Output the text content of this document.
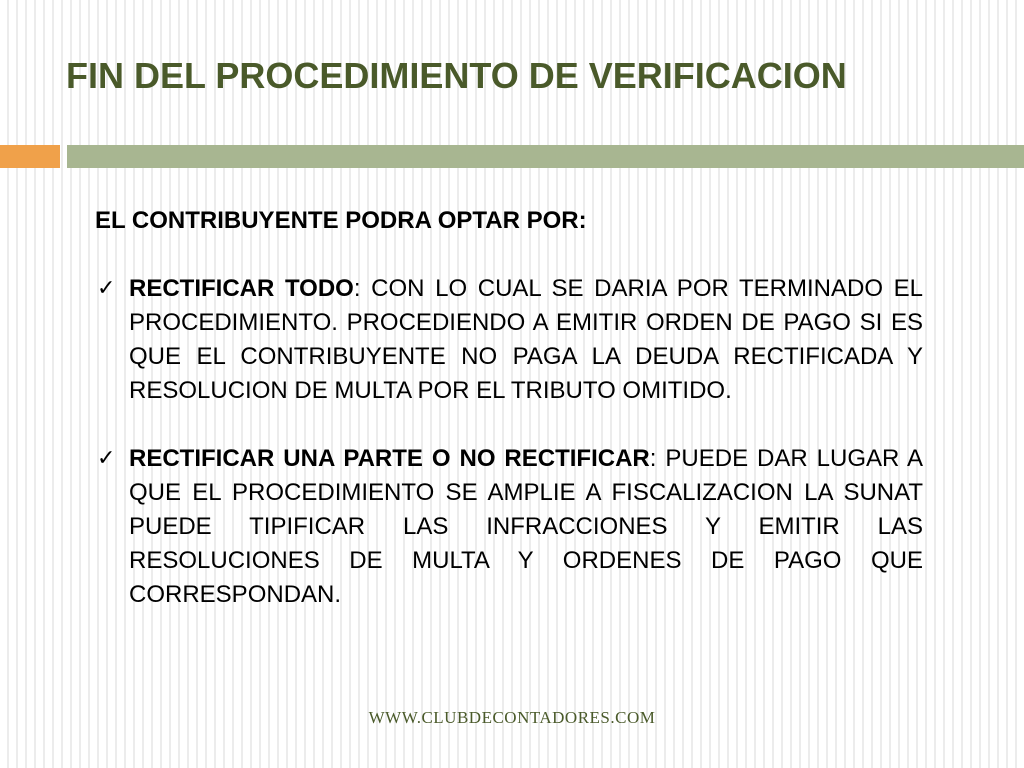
FIN DEL PROCEDIMIENTO DE VERIFICACION

EL CONTRIBUYENTE PODRA OPTAR POR:

✓ RECTIFICAR TODO: CON LO CUAL SE DARIA POR TERMINADO EL PROCEDIMIENTO. PROCEDIENDO A EMITIR ORDEN DE PAGO SI ES QUE EL CONTRIBUYENTE NO PAGA LA DEUDA RECTIFICADA Y RESOLUCION DE MULTA POR EL TRIBUTO OMITIDO.

✓ RECTIFICAR UNA PARTE O NO RECTIFICAR: PUEDE DAR LUGAR A QUE EL PROCEDIMIENTO SE AMPLIE A FISCALIZACION LA SUNAT PUEDE TIPIFICAR LAS INFRACCIONES Y EMITIR LAS RESOLUCIONES DE MULTA Y ORDENES DE PAGO QUE CORRESPONDAN.

WWW.CLUBDECONTADORES.COM
